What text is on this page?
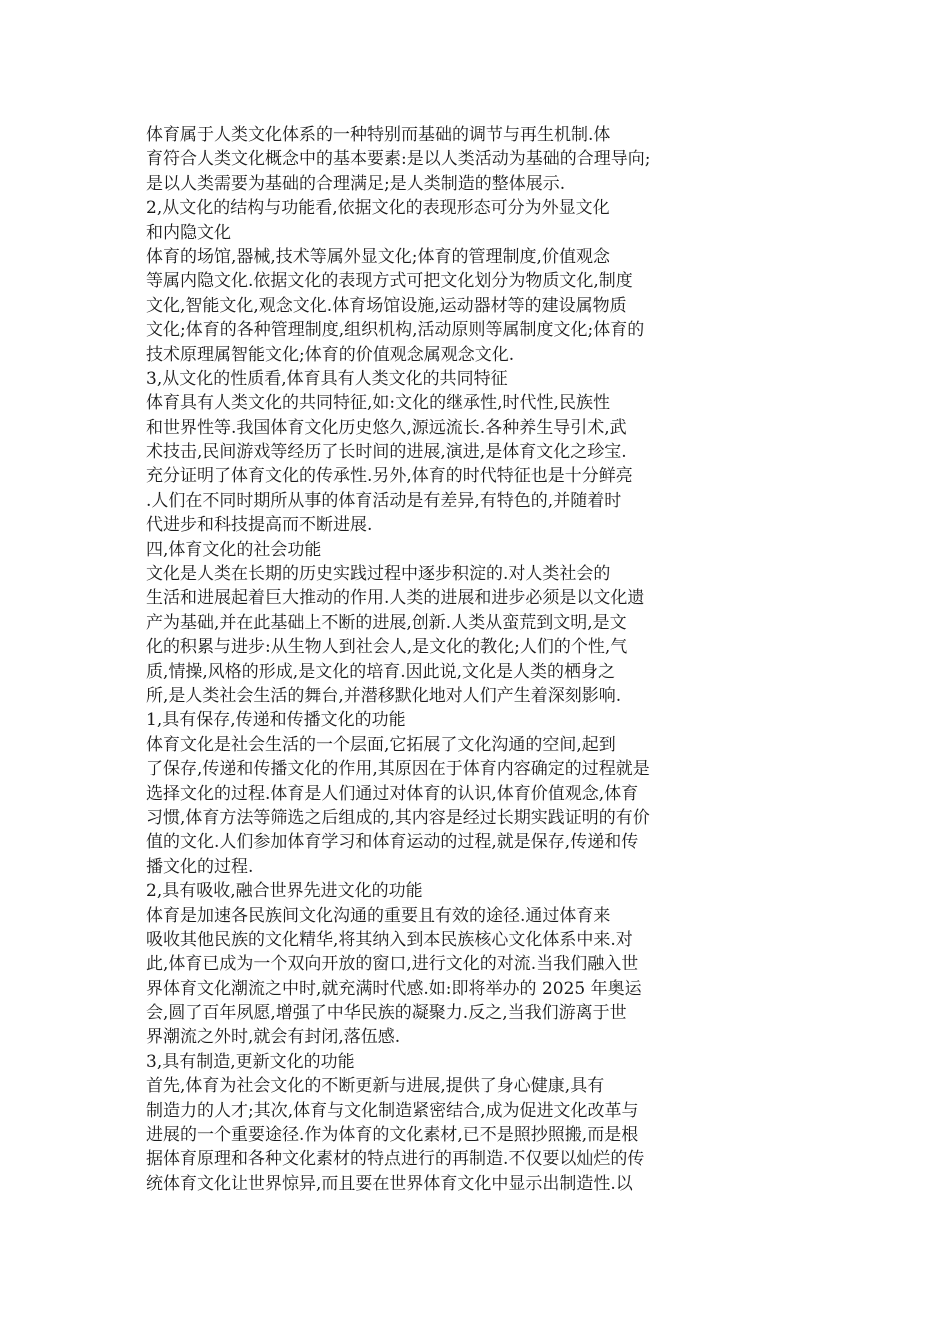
体育属于人类文化体系的一种特别而基础的调节与再生机制.体
育符合人类文化概念中的基本要素:是以人类活动为基础的合理导向;
是以人类需要为基础的合理满足;是人类制造的整体展示.
2,从文化的结构与功能看,依据文化的表现形态可分为外显文化
和内隐文化
体育的场馆,器械,技术等属外显文化;体育的管理制度,价值观念
等属内隐文化.依据文化的表现方式可把文化划分为物质文化,制度
文化,智能文化,观念文化.体育场馆设施,运动器材等的建设属物质
文化;体育的各种管理制度,组织机构,活动原则等属制度文化;体育的
技术原理属智能文化;体育的价值观念属观念文化.
3,从文化的性质看,体育具有人类文化的共同特征
体育具有人类文化的共同特征,如:文化的继承性,时代性,民族性
和世界性等.我国体育文化历史悠久,源远流长.各种养生导引术,武
术技击,民间游戏等经历了长时间的进展,演进,是体育文化之珍宝.
充分证明了体育文化的传承性.另外,体育的时代特征也是十分鲜亮
.人们在不同时期所从事的体育活动是有差异,有特色的,并随着时
代进步和科技提高而不断进展.
四,体育文化的社会功能
文化是人类在长期的历史实践过程中逐步积淀的.对人类社会的
生活和进展起着巨大推动的作用.人类的进展和进步必须是以文化遗
产为基础,并在此基础上不断的进展,创新.人类从蛮荒到文明,是文
化的积累与进步:从生物人到社会人,是文化的教化;人们的个性,气
质,情操,风格的形成,是文化的培育.因此说,文化是人类的栖身之
所,是人类社会生活的舞台,并潜移默化地对人们产生着深刻影响.
1,具有保存,传递和传播文化的功能
体育文化是社会生活的一个层面,它拓展了文化沟通的空间,起到
了保存,传递和传播文化的作用,其原因在于体育内容确定的过程就是
选择文化的过程.体育是人们通过对体育的认识,体育价值观念,体育
习惯,体育方法等筛选之后组成的,其内容是经过长期实践证明的有价
值的文化.人们参加体育学习和体育运动的过程,就是保存,传递和传
播文化的过程.
2,具有吸收,融合世界先进文化的功能
体育是加速各民族间文化沟通的重要且有效的途径.通过体育来
吸收其他民族的文化精华,将其纳入到本民族核心文化体系中来.对
此,体育已成为一个双向开放的窗口,进行文化的对流.当我们融入世
界体育文化潮流之中时,就充满时代感.如:即将举办的 2025 年奥运
会,圆了百年夙愿,增强了中华民族的凝聚力.反之,当我们游离于世
界潮流之外时,就会有封闭,落伍感.
3,具有制造,更新文化的功能
首先,体育为社会文化的不断更新与进展,提供了身心健康,具有
制造力的人才;其次,体育与文化制造紧密结合,成为促进文化改革与
进展的一个重要途径.作为体育的文化素材,已不是照抄照搬,而是根
据体育原理和各种文化素材的特点进行的再制造.不仅要以灿烂的传
统体育文化让世界惊异,而且要在世界体育文化中显示出制造性.以
